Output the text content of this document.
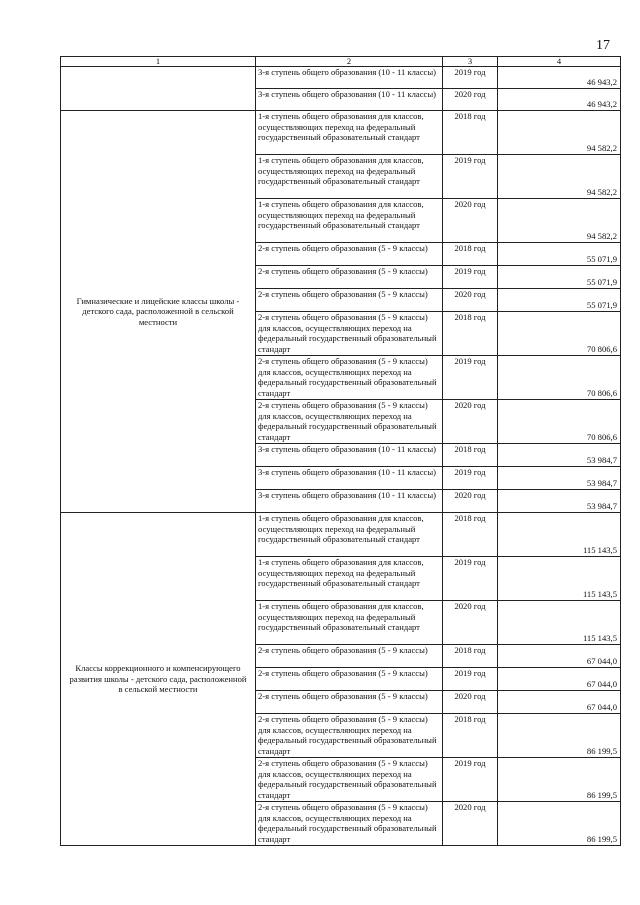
17
1	2	3	4
	3-я ступень общего образования (10 - 11 классы)	2019 год	46 943,2
	3-я ступень общего образования (10 - 11 классы)	2020 год	46 943,2
Гимназические и лицейские классы школы - детского сада, расположенной в сельской местности	1-я ступень общего образования для классов, осуществляющих переход на федеральный государственный образовательный стандарт	2018 год	94 582,2
	1-я ступень общего образования для классов, осуществляющих переход на федеральный государственный образовательный стандарт	2019 год	94 582,2
	1-я ступень общего образования для классов, осуществляющих переход на федеральный государственный образовательный стандарт	2020 год	94 582,2
	2-я ступень общего образования (5 - 9 классы)	2018 год	55 071,9
	2-я ступень общего образования (5 - 9 классы)	2019 год	55 071,9
	2-я ступень общего образования (5 - 9 классы)	2020 год	55 071,9
	2-я ступень общего образования (5 - 9 классы) для классов, осуществляющих переход на федеральный государственный образовательный стандарт	2018 год	70 806,6
	2-я ступень общего образования (5 - 9 классы) для классов, осуществляющих переход на федеральный государственный образовательный стандарт	2019 год	70 806,6
	2-я ступень общего образования (5 - 9 классы) для классов, осуществляющих переход на федеральный государственный образовательный стандарт	2020 год	70 806,6
	3-я ступень общего образования (10 - 11 классы)	2018 год	53 984,7
	3-я ступень общего образования (10 - 11 классы)	2019 год	53 984,7
	3-я ступень общего образования (10 - 11 классы)	2020 год	53 984,7
Классы коррекционного и компенсирующего развития школы - детского сада, расположенной в сельской местности	1-я ступень общего образования для классов, осуществляющих переход на федеральный государственный образовательный стандарт	2018 год	115 143,5
	1-я ступень общего образования для классов, осуществляющих переход на федеральный государственный образовательный стандарт	2019 год	115 143,5
	1-я ступень общего образования для классов, осуществляющих переход на федеральный государственный образовательный стандарт	2020 год	115 143,5
	2-я ступень общего образования (5 - 9 классы)	2018 год	67 044,0
	2-я ступень общего образования (5 - 9 классы)	2019 год	67 044,0
	2-я ступень общего образования (5 - 9 классы)	2020 год	67 044,0
	2-я ступень общего образования (5 - 9 классы) для классов, осуществляющих переход на федеральный государственный образовательный стандарт	2018 год	86 199,5
	2-я ступень общего образования (5 - 9 классы) для классов, осуществляющих переход на федеральный государственный образовательный стандарт	2019 год	86 199,5
	2-я ступень общего образования (5 - 9 классы) для классов, осуществляющих переход на федеральный государственный образовательный стандарт	2020 год	86 199,5
